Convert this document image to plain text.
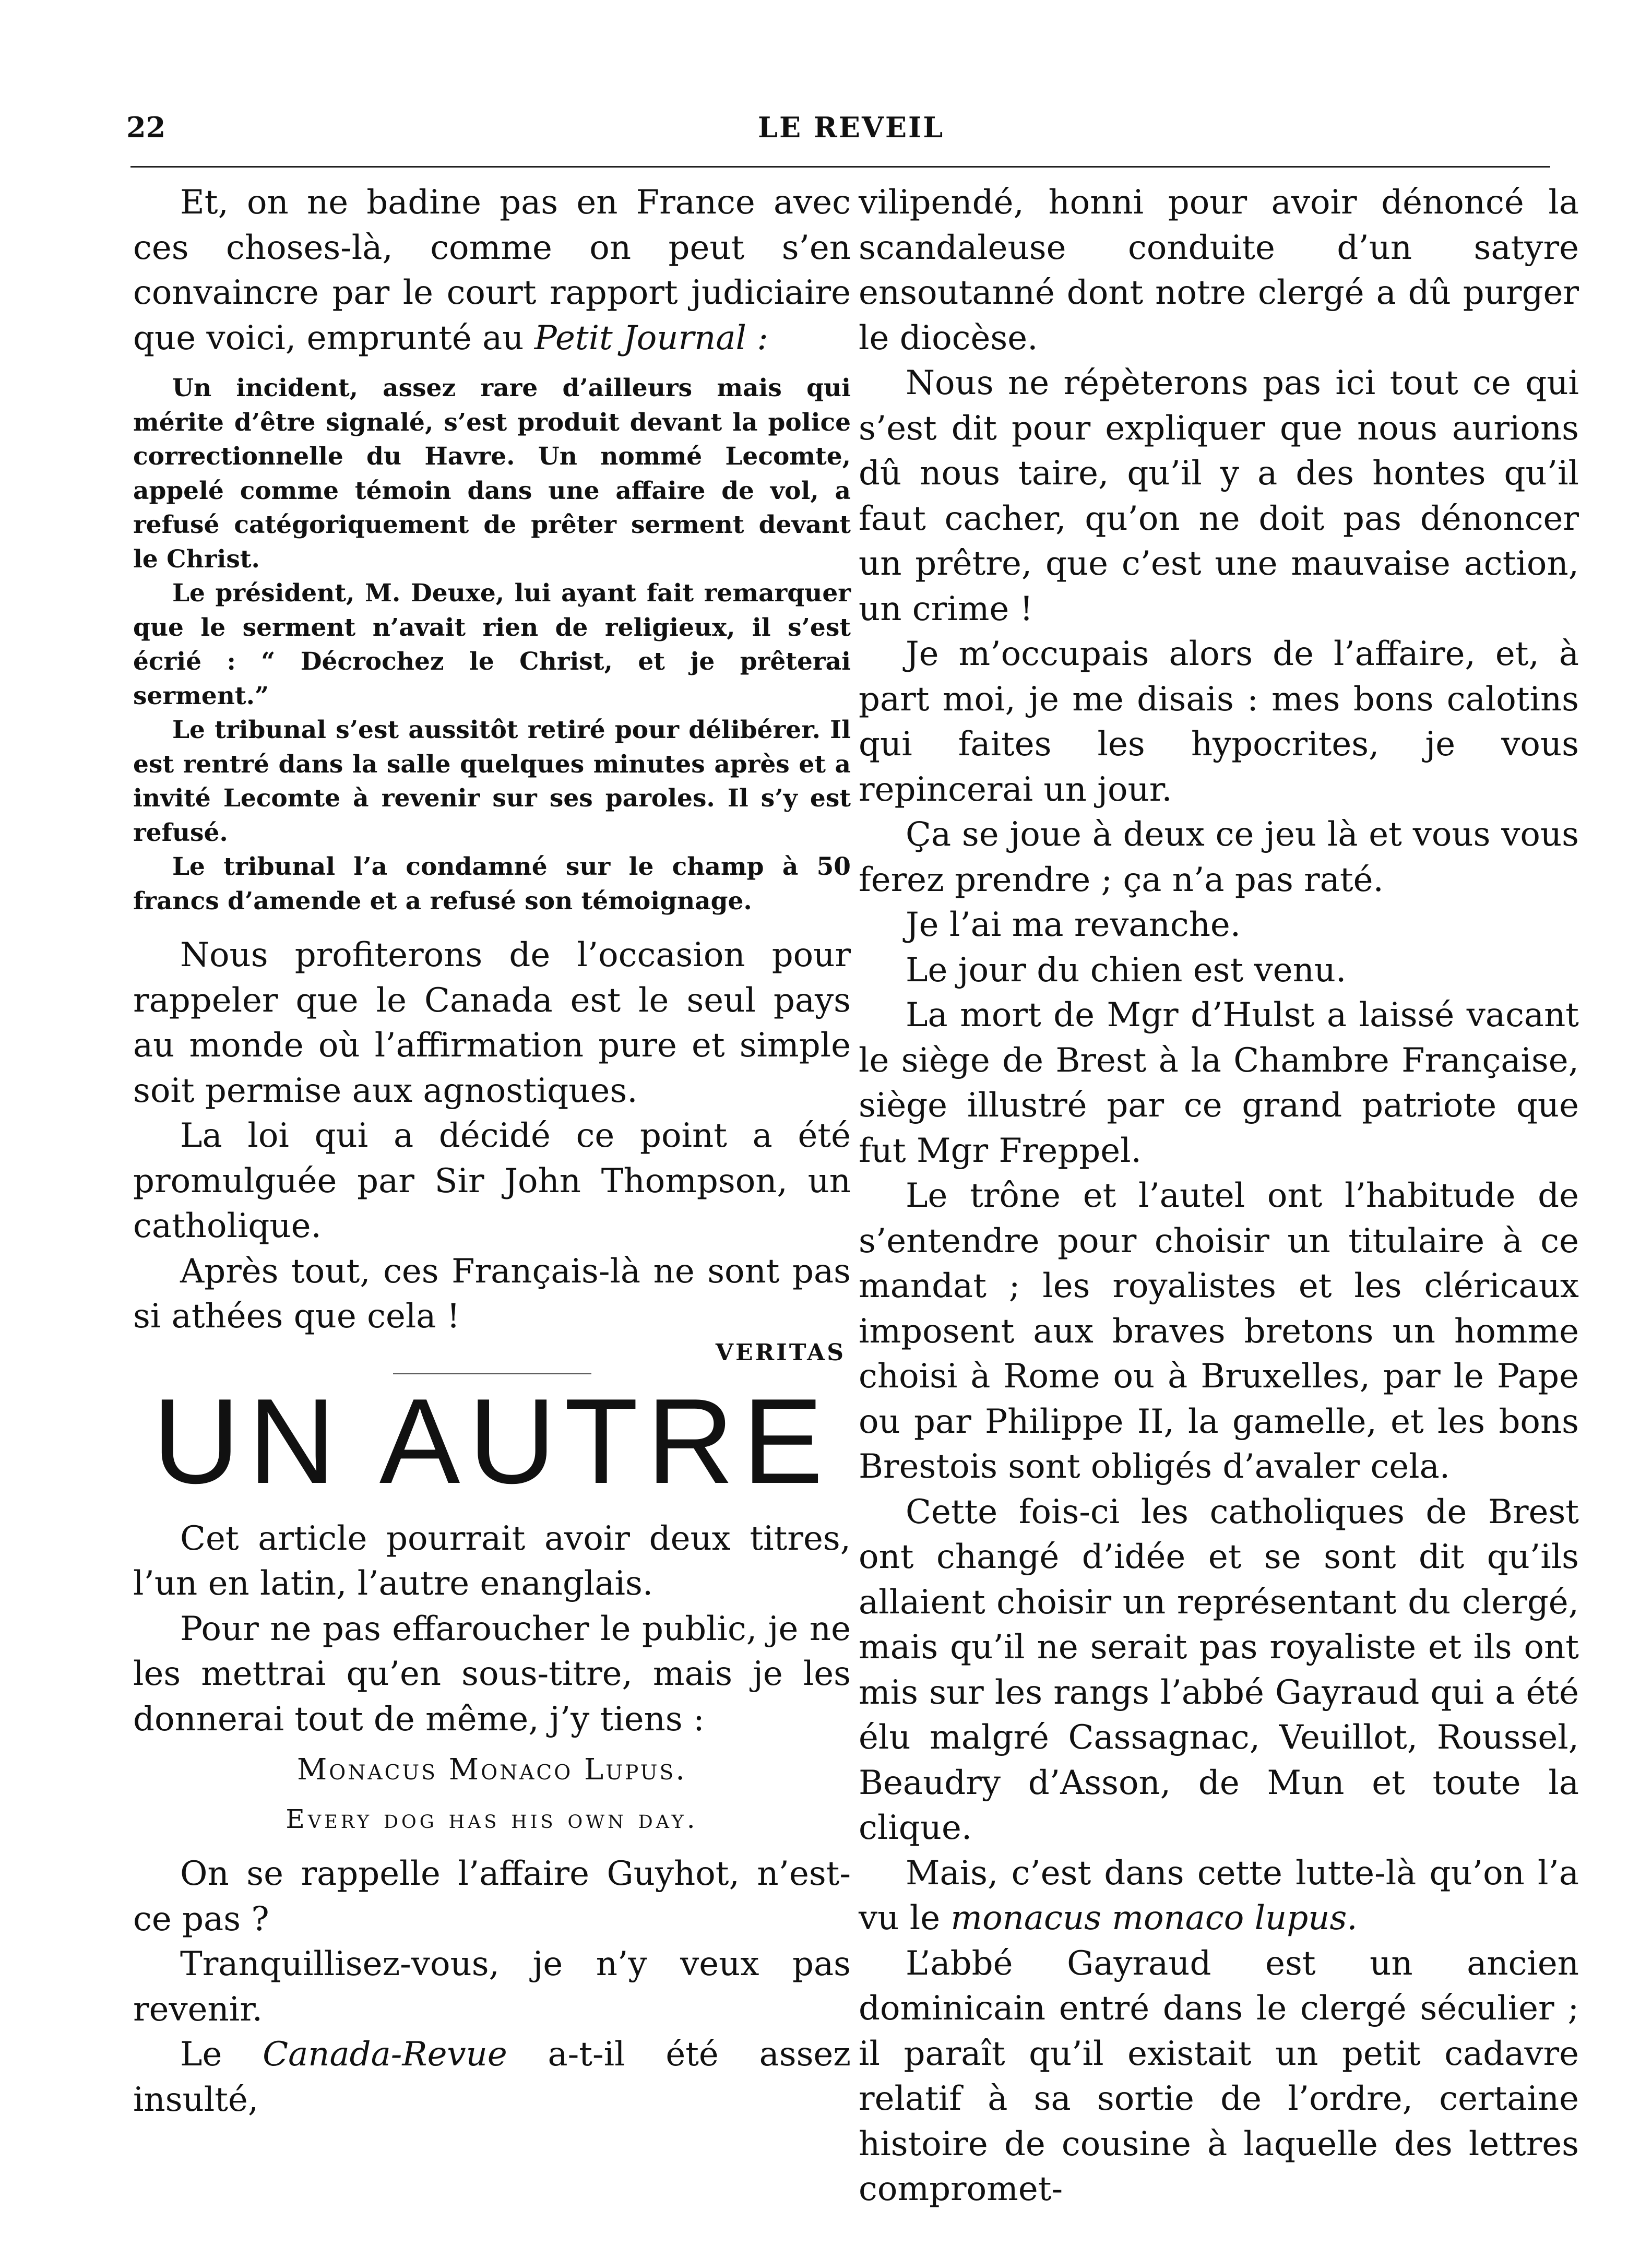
22	LE REVEIL

Et, on ne badine pas en France avec ces choses-là, comme on peut s’en convaincre par le court rapport judiciaire que voici, emprunté au Petit Journal :

Un incident, assez rare d’ailleurs mais qui mérite d’être signalé, s’est produit devant la police correctionnelle du Havre. Un nommé Lecomte, appelé comme témoin dans une affaire de vol, a refusé catégoriquement de prêter serment devant le Christ.

Le président, M. Deuxe, lui ayant fait remarquer que le serment n’avait rien de religieux, il s’est écrié : “ Décrochez le Christ, et je prêterai serment.”

Le tribunal s’est aussitôt retiré pour délibérer. Il est rentré dans la salle quelques minutes après et a invité Lecomte à revenir sur ses paroles. Il s’y est refusé.

Le tribunal l’a condamné sur le champ à 50 francs d’amende et a refusé son témoignage.

Nous profiterons de l’occasion pour rappeler que le Canada est le seul pays au monde où l’affirmation pure et simple soit permise aux agnostiques.

La loi qui a décidé ce point a été promulguée par Sir John Thompson, un catholique.

Après tout, ces Français-là ne sont pas si athées que cela !

VERITAS
UN AUTRE

Cet article pourrait avoir deux titres, l’un en latin, l’autre enanglais.

Pour ne pas effaroucher le public, je ne les mettrai qu’en sous-titre, mais je les donnerai tout de même, j’y tiens :

Monacus Monaco Lupus.
Every dog has his own day.

On se rappelle l’affaire Guyhot, n’est-ce pas ?

Tranquillisez-vous, je n’y veux pas revenir.

Le Canada-Revue a-t-il été assez insulté,

vilipendé, honni pour avoir dénoncé la scandaleuse conduite d’un satyre ensoutanné dont notre clergé a dû purger le diocèse.

Nous ne répèterons pas ici tout ce qui s’est dit pour expliquer que nous aurions dû nous taire, qu’il y a des hontes qu’il faut cacher, qu’on ne doit pas dénoncer un prêtre, que c’est une mauvaise action, un crime !

Je m’occupais alors de l’affaire, et, à part moi, je me disais : mes bons calotins qui faites les hypocrites, je vous repincerai un jour.

Ça se joue à deux ce jeu là et vous vous ferez prendre ; ça n’a pas raté.

Je l’ai ma revanche.

Le jour du chien est venu.

La mort de Mgr d’Hulst a laissé vacant le siège de Brest à la Chambre Française, siège illustré par ce grand patriote que fut Mgr Freppel.

Le trône et l’autel ont l’habitude de s’entendre pour choisir un titulaire à ce mandat ; les royalistes et les cléricaux imposent aux braves bretons un homme choisi à Rome ou à Bruxelles, par le Pape ou par Philippe II, la gamelle, et les bons Brestois sont obligés d’avaler cela.

Cette fois-ci les catholiques de Brest ont changé d’idée et se sont dit qu’ils allaient choisir un représentant du clergé, mais qu’il ne serait pas royaliste et ils ont mis sur les rangs l’abbé Gayraud qui a été élu malgré Cassagnac, Veuillot, Roussel, Beaudry d’Asson, de Mun et toute la clique.

Mais, c’est dans cette lutte-là qu’on l’a vu le monacus monaco lupus.

L’abbé Gayraud est un ancien dominicain entré dans le clergé séculier ; il paraît qu’il existait un petit cadavre relatif à sa sortie de l’ordre, certaine histoire de cousine à laquelle des lettres compromet-
